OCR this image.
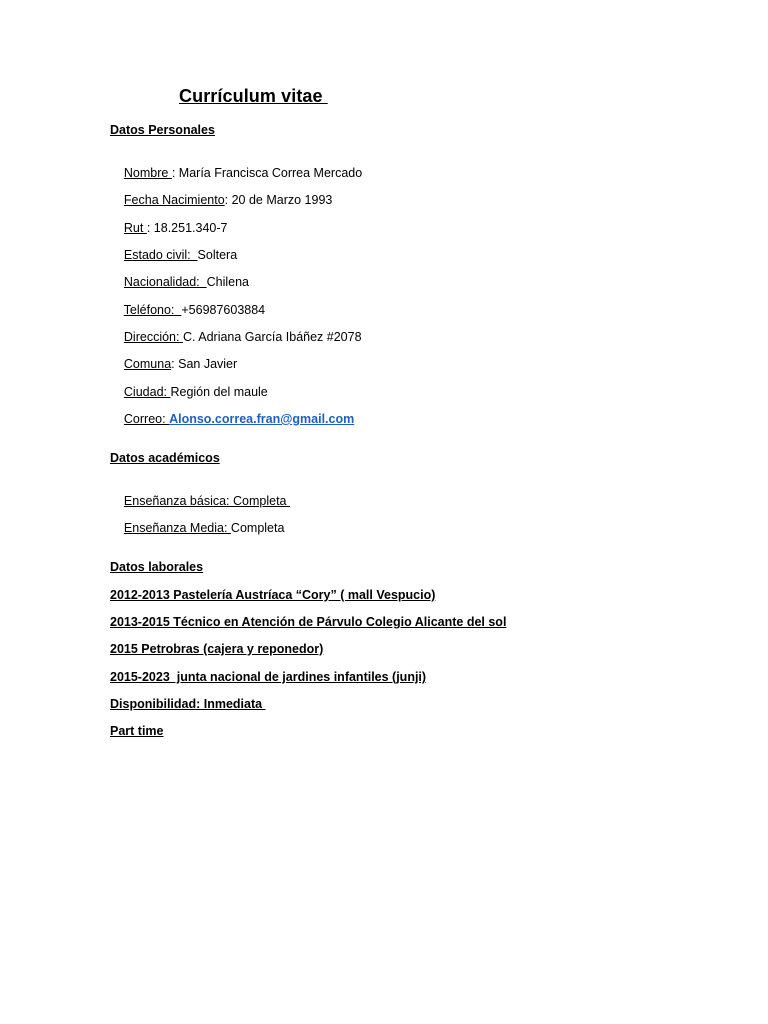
Currículum vitae
Datos Personales

Nombre : María Francisca Correa Mercado

Fecha Nacimiento: 20 de Marzo 1993

Rut : 18.251.340-7

Estado civil:  Soltera

Nacionalidad:  Chilena

Teléfono:  +56987603884

Dirección: C. Adriana García Ibáñez #2078

Comuna: San Javier

Ciudad: Región del maule

Correo: Alonso.correa.fran@gmail.com

Datos académicos

Enseñanza básica: Completa

Enseñanza Media: Completa

Datos laborales
2012-2013 Pastelería Austríaca “Cory” ( mall Vespucio)
2013-2015 Técnico en Atención de Párvulo Colegio Alicante del sol
2015 Petrobras (cajera y reponedor)
2015-2023  junta nacional de jardines infantiles (junji)
Disponibilidad: Inmediata
Part time
